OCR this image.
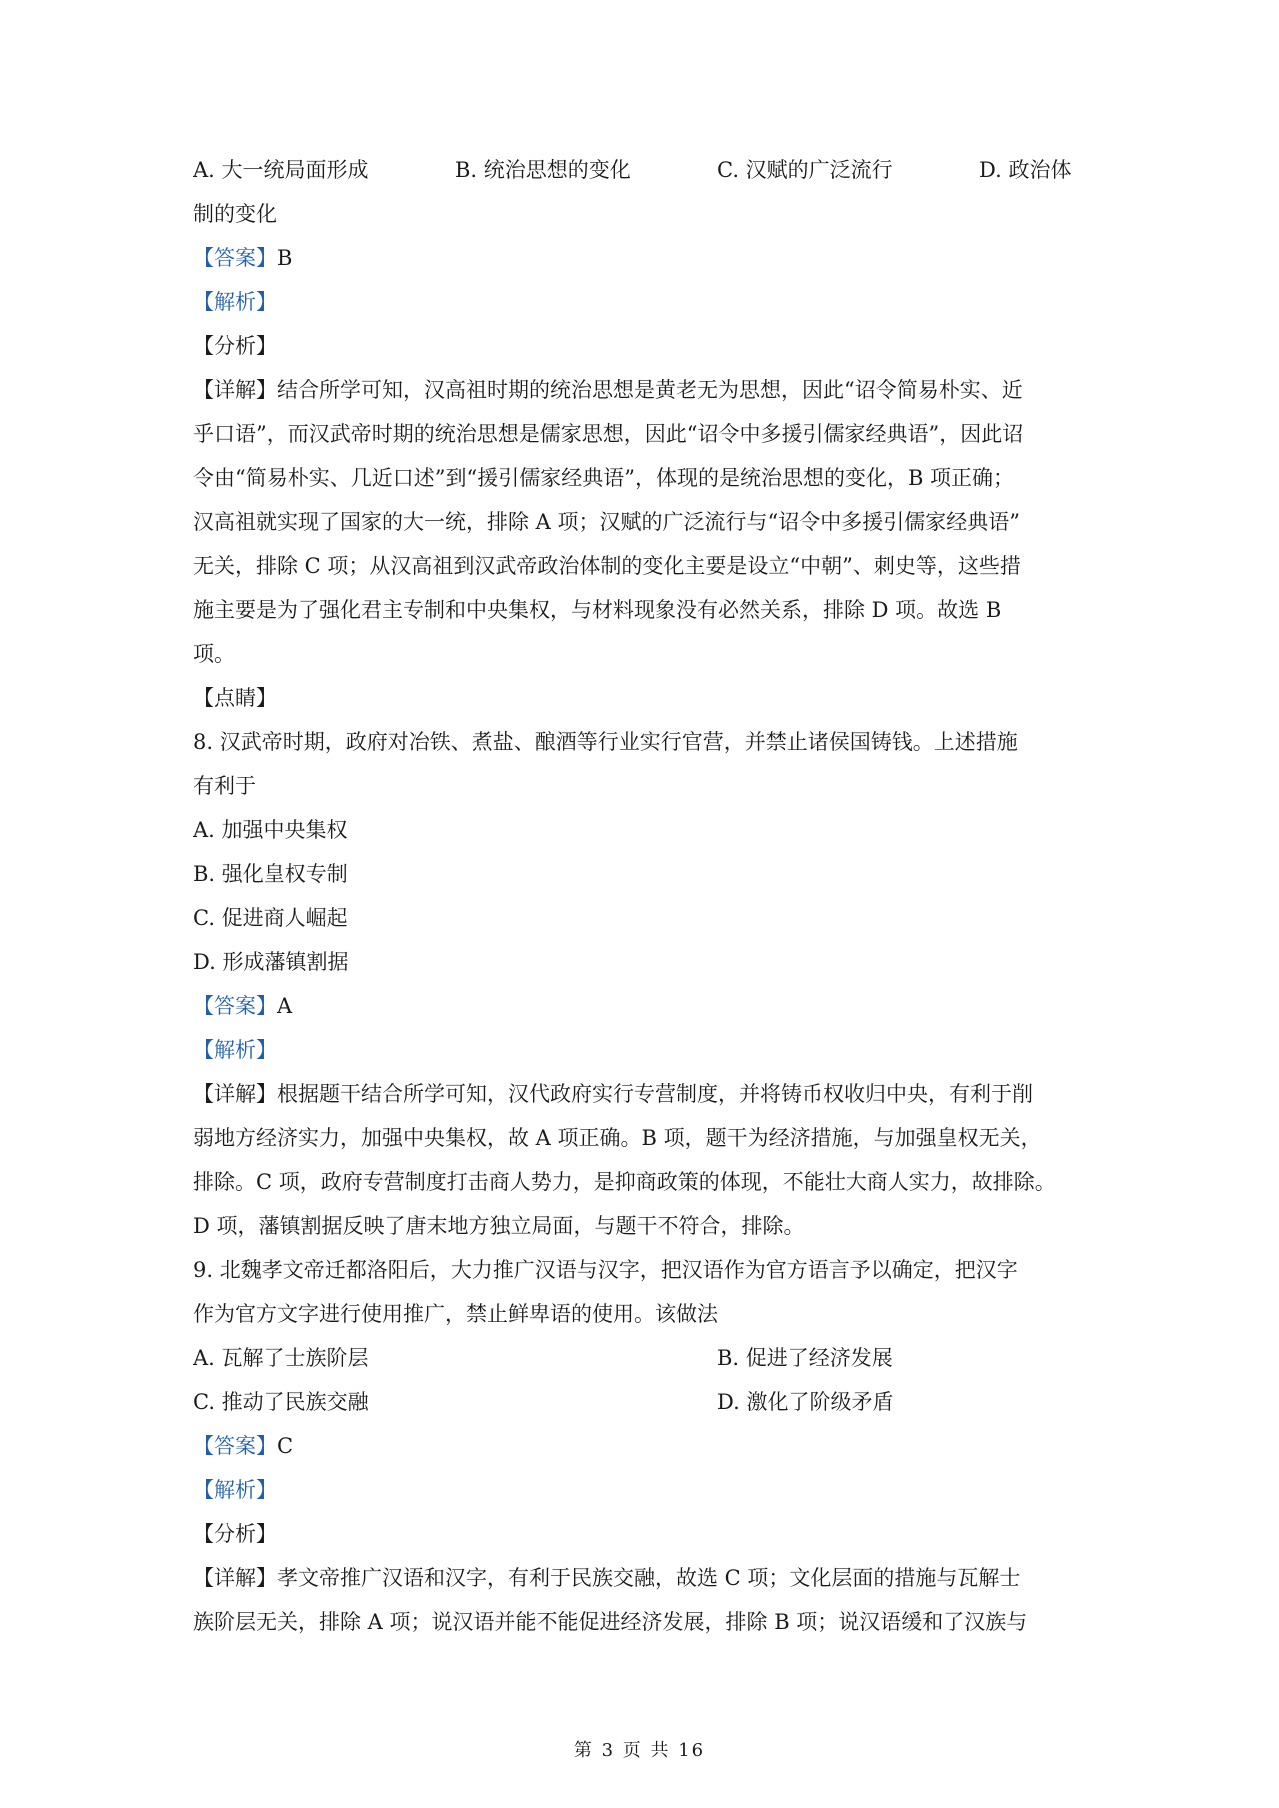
A. 大一统局面形成	B. 统治思想的变化	C. 汉赋的广泛流行	D. 政治体
制的变化
【答案】B
【解析】
【分析】
【详解】结合所学可知，汉高祖时期的统治思想是黄老无为思想，因此“诏令简易朴实、近
乎口语”，而汉武帝时期的统治思想是儒家思想，因此“诏令中多援引儒家经典语”，因此诏
令由“简易朴实、几近口述”到“援引儒家经典语”，体现的是统治思想的变化，B 项正确；
汉高祖就实现了国家的大一统，排除 A 项；汉赋的广泛流行与“诏令中多援引儒家经典语”
无关，排除 C 项；从汉高祖到汉武帝政治体制的变化主要是设立“中朝”、刺史等，这些措
施主要是为了强化君主专制和中央集权，与材料现象没有必然关系，排除 D 项。故选 B
项。
【点睛】
8. 汉武帝时期，政府对冶铁、煮盐、酿酒等行业实行官营，并禁止诸侯国铸钱。上述措施
有利于
A. 加强中央集权
B. 强化皇权专制
C. 促进商人崛起
D. 形成藩镇割据
【答案】A
【解析】
【详解】根据题干结合所学可知，汉代政府实行专营制度，并将铸币权收归中央，有利于削
弱地方经济实力，加强中央集权，故 A 项正确。B 项，题干为经济措施，与加强皇权无关，
排除。C 项，政府专营制度打击商人势力，是抑商政策的体现，不能壮大商人实力，故排除。
D 项，藩镇割据反映了唐末地方独立局面，与题干不符合，排除。
9. 北魏孝文帝迁都洛阳后，大力推广汉语与汉字，把汉语作为官方语言予以确定，把汉字
作为官方文字进行使用推广，禁止鲜卑语的使用。该做法
A. 瓦解了士族阶层	B. 促进了经济发展
C. 推动了民族交融	D. 激化了阶级矛盾
【答案】C
【解析】
【分析】
【详解】孝文帝推广汉语和汉字，有利于民族交融，故选 C 项；文化层面的措施与瓦解士
族阶层无关，排除 A 项；说汉语并能不能促进经济发展，排除 B 项；说汉语缓和了汉族与
第 3 页 共 16
